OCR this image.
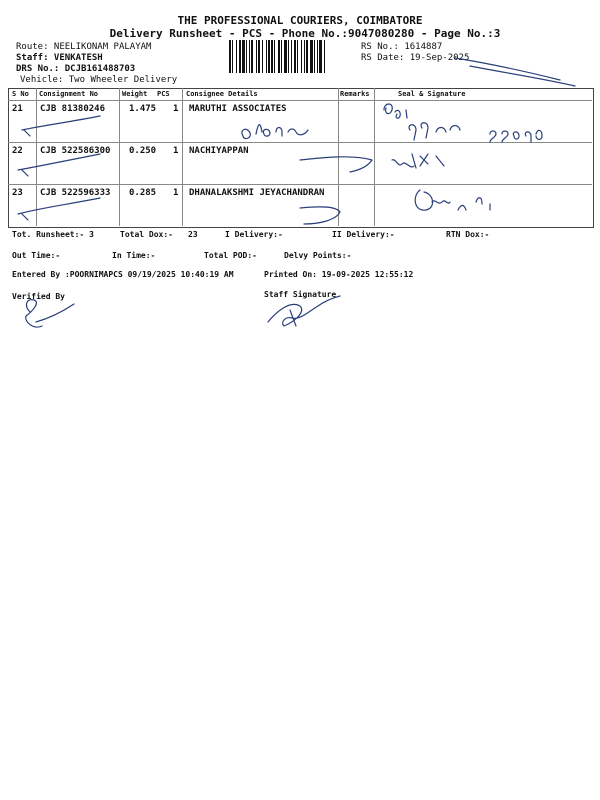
THE PROFESSIONAL COURIERS, COIMBATORE
Delivery Runsheet - PCS - Phone No.:9047080280 - Page No.:3
Route: NEELIKONAM PALAYAM
Staff: VENKATESH
DRS No.: DCJB161488703
Vehicle: Two Wheeler Delivery
RS No.: 1614887
RS Date: 19-Sep-2025
S No Consignment No	Weight PCS Consignee Details	Remarks	Seal & Signature
21 CJB 81380246	1.475 1 MARUTHI ASSOCIATES
22 CJB 522586300 0.250 1 NACHIYAPPAN
23 CJB 522596333 0.285 1 DHANALAKSHMI JEYACHANDRAN
Tot. Runsheet:- 3	Total Dox:- 23	I Delivery:-	II Delivery:-	RTN Dox:-
Out Time:-	In Time:-	Total POD:-	Delvy Points:-
Entered By :POORNIMAPCS 09/19/2025 10:40:19 AM	Printed On: 19-09-2025 12:55:12
Verified By	Staff Signature
